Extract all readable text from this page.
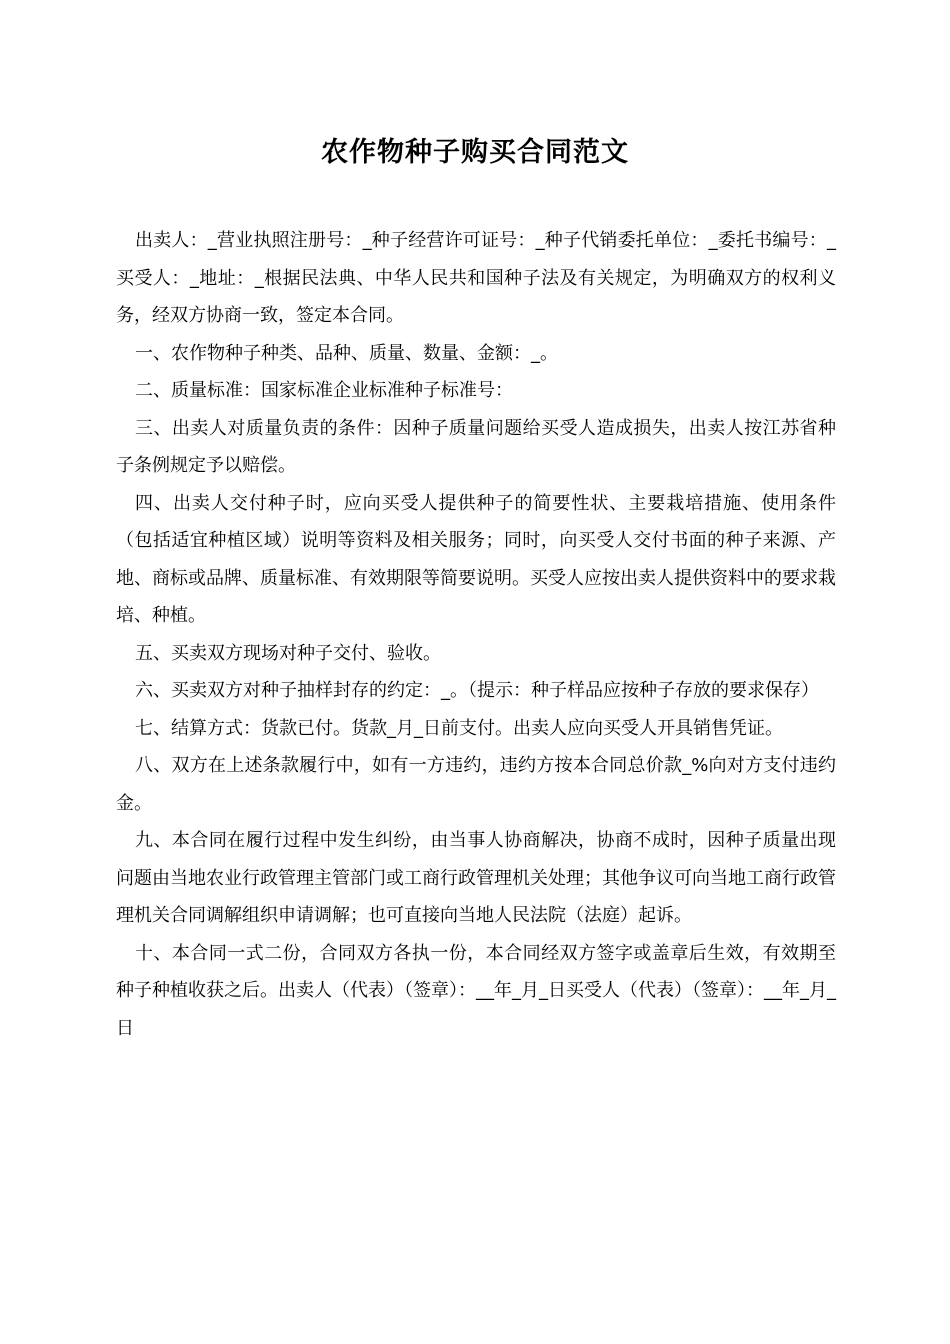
农作物种子购买合同范文

出卖人：_营业执照注册号：_种子经营许可证号：_种子代销委托单位：_委托书编号：_买受人：_地址：_根据民法典、中华人民共和国种子法及有关规定，为明确双方的权利义务，经双方协商一致，签定本合同。

一、农作物种子种类、品种、质量、数量、金额：_。

二、质量标准：国家标准企业标准种子标准号：

三、出卖人对质量负责的条件：因种子质量问题给买受人造成损失，出卖人按江苏省种子条例规定予以赔偿。

四、出卖人交付种子时，应向买受人提供种子的简要性状、主要栽培措施、使用条件（包括适宜种植区域）说明等资料及相关服务；同时，向买受人交付书面的种子来源、产地、商标或品牌、质量标准、有效期限等简要说明。买受人应按出卖人提供资料中的要求栽培、种植。

五、买卖双方现场对种子交付、验收。

六、买卖双方对种子抽样封存的约定：_。（提示：种子样品应按种子存放的要求保存）

七、结算方式：货款已付。货款_月_日前支付。出卖人应向买受人开具销售凭证。

八、双方在上述条款履行中，如有一方违约，违约方按本合同总价款_%向对方支付违约金。

九、本合同在履行过程中发生纠纷，由当事人协商解决，协商不成时，因种子质量出现问题由当地农业行政管理主管部门或工商行政管理机关处理；其他争议可向当地工商行政管理机关合同调解组织申请调解；也可直接向当地人民法院（法庭）起诉。

十、本合同一式二份，合同双方各执一份，本合同经双方签字或盖章后生效，有效期至种子种植收获之后。出卖人（代表）（签章）：__年_月_日买受人（代表）（签章）：__年_月_日
